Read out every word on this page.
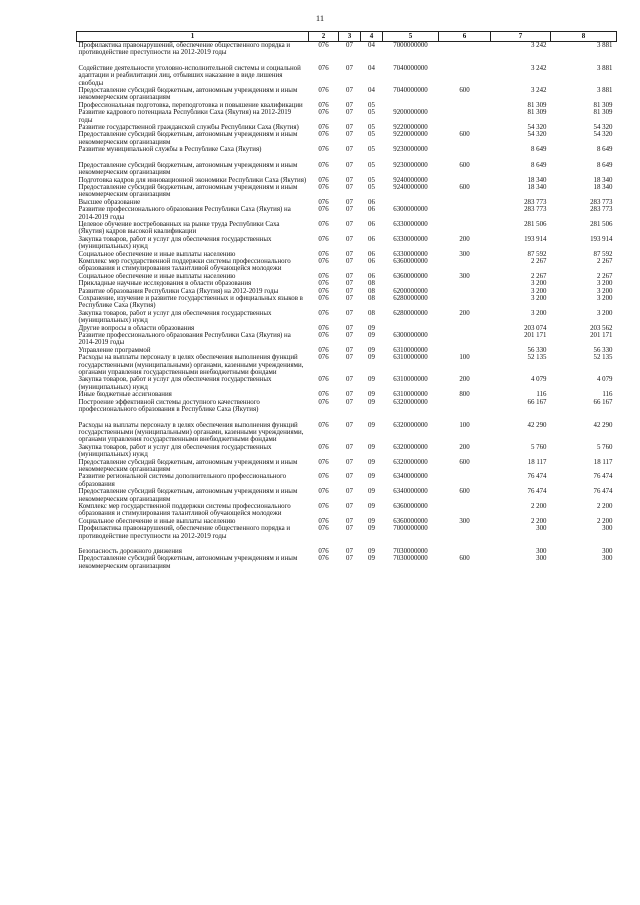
11
1	2	3	4	5	6	7	8
Профилактика правонарушений, обеспечение общественного порядка и противодействие преступности на 2012-2019 годы	076	07	04	7000000000		3 242	3 881

Содействие деятельности уголовно-исполнительной системы и социальной адаптации и реабилитации лиц, отбывших наказание в виде лишения свободы	076	07	04	7040000000		3 242	3 881
Предоставление субсидий бюджетным, автономным учреждениям и иным некоммерческим организациям	076	07	04	7040000000	600	3 242	3 881
Профессиональная подготовка, переподготовка и повышение квалификации	076	07	05			81 309	81 309
Развитие кадрового потенциала Республики Саха (Якутия) на 2012-2019 годы	076	07	05	9200000000		81 309	81 309
Развитие государственной гражданской службы Республики Саха (Якутия)	076	07	05	9220000000		54 320	54 320
Предоставление субсидий бюджетным, автономным учреждениям и иным некоммерческим организациям	076	07	05	9220000000	600	54 320	54 320
Развитие муниципальной службы в Республике Саха (Якутия)	076	07	05	9230000000		8 649	8 649

Предоставление субсидий бюджетным, автономным учреждениям и иным некоммерческим организациям	076	07	05	9230000000	600	8 649	8 649
Подготовка кадров для инновационной экономики Республики Саха (Якутия)	076	07	05	9240000000		18 340	18 340
Предоставление субсидий бюджетным, автономным учреждениям и иным некоммерческим организациям	076	07	05	9240000000	600	18 340	18 340
Высшее образование	076	07	06			283 773	283 773
Развитие профессионального образования Республики Саха (Якутия) на 2014-2019 годы	076	07	06	6300000000		283 773	283 773
Целевое обучение востребованных на рынке труда Республики Саха (Якутия) кадров высокой квалификации	076	07	06	6330000000		281 506	281 506
Закупка товаров, работ и услуг для обеспечения государственных (муниципальных) нужд	076	07	06	6330000000	200	193 914	193 914
Социальное обеспечение и иные выплаты населению	076	07	06	6330000000	300	87 592	87 592
Комплекс мер государственной поддержки системы профессионального образования и стимулирования талантливой обучающейся молодежи	076	07	06	6360000000		2 267	2 267
Социальное обеспечение и иные выплаты населению	076	07	06	6360000000	300	2 267	2 267
Прикладные научные исследования в области образования	076	07	08			3 200	3 200
Развитие образования Республики Саха (Якутия) на 2012-2019 годы	076	07	08	6200000000		3 200	3 200
Сохранение, изучение и развитие государственных и официальных языков в Республике Саха (Якутия)	076	07	08	6280000000		3 200	3 200
Закупка товаров, работ и услуг для обеспечения государственных (муниципальных) нужд	076	07	08	6280000000	200	3 200	3 200
Другие вопросы в области образования	076	07	09			203 074	203 562
Развитие профессионального образования Республики Саха (Якутия) на 2014-2019 годы	076	07	09	6300000000		201 171	201 171
Управление программой	076	07	09	6310000000		56 330	56 330
Расходы на выплаты персоналу в целях обеспечения выполнения функций государственными (муниципальными) органами, казенными учреждениями, органами управления государственными внебюджетными фондами	076	07	09	6310000000	100	52 135	52 135
Закупка товаров, работ и услуг для обеспечения государственных (муниципальных) нужд	076	07	09	6310000000	200	4 079	4 079
Иные бюджетные ассигнования	076	07	09	6310000000	800	116	116
Построение эффективной системы доступного качественного профессионального образования в Республике Саха (Якутия)	076	07	09	6320000000		66 167	66 167

Расходы на выплаты персоналу в целях обеспечения выполнения функций государственными (муниципальными) органами, казенными учреждениями, органами управления государственными внебюджетными фондами	076	07	09	6320000000	100	42 290	42 290
Закупка товаров, работ и услуг для обеспечения государственных (муниципальных) нужд	076	07	09	6320000000	200	5 760	5 760
Предоставление субсидий бюджетным, автономным учреждениям и иным некоммерческим организациям	076	07	09	6320000000	600	18 117	18 117
Развитие региональной системы дополнительного профессионального образования	076	07	09	6340000000		76 474	76 474
Предоставление субсидий бюджетным, автономным учреждениям и иным некоммерческим организациям	076	07	09	6340000000	600	76 474	76 474
Комплекс мер государственной поддержки системы профессионального образования и стимулирования талантливой обучающейся молодежи	076	07	09	6360000000		2 200	2 200
Социальное обеспечение и иные выплаты населению	076	07	09	6360000000	300	2 200	2 200
Профилактика правонарушений, обеспечение общественного порядка и противодействие преступности на 2012-2019 годы	076	07	09	7000000000		300	300

Безопасность дорожного движения	076	07	09	7030000000		300	300
Предоставление субсидий бюджетным, автономным учреждениям и иным некоммерческим организациям	076	07	09	7030000000	600	300	300
